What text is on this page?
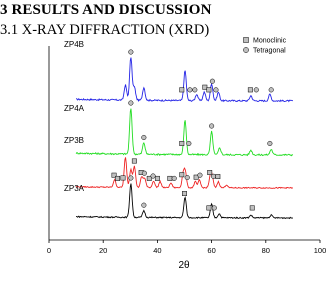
3 RESULTS AND DISCUSSION
3.1 X-RAY DIFFRACTION (XRD)
0	20	40	60	80	100
ZP4B
ZP4A
ZP3B
ZP3A
2θ
Monoclinic
Tetragonal
